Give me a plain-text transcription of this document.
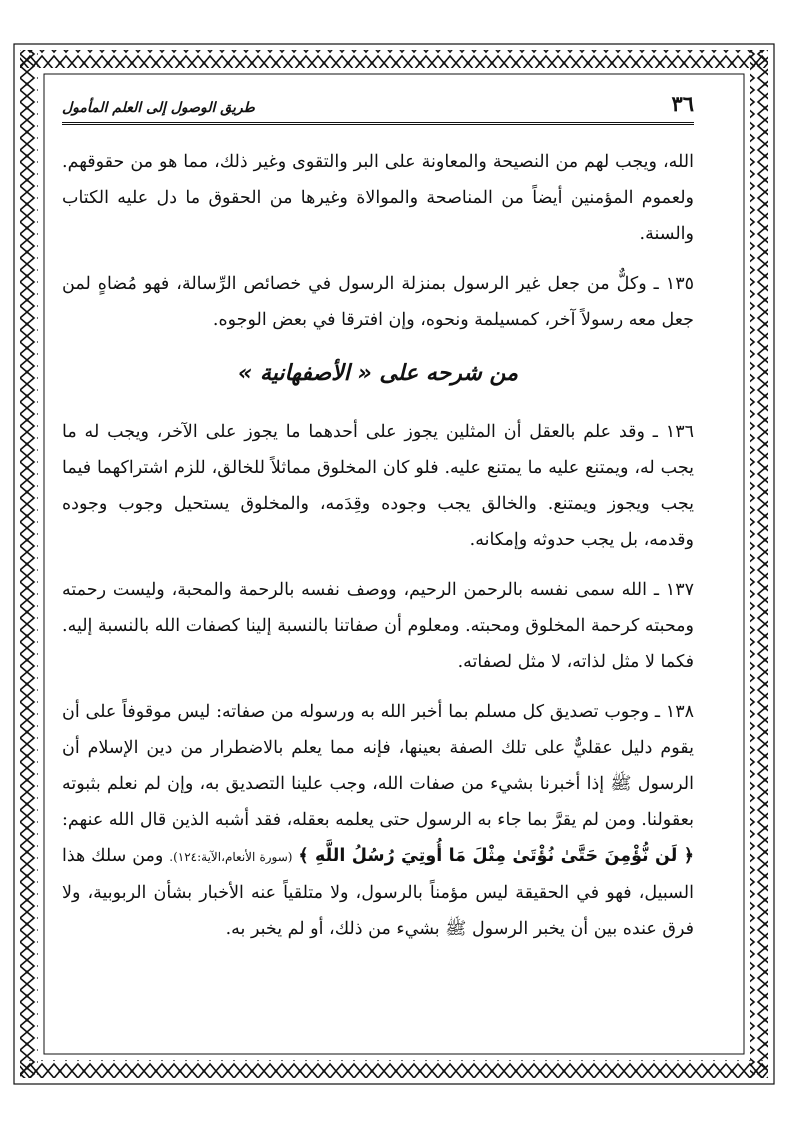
٣٦
طريق الوصول إلى العلم المأمول

الله، ويجب لهم من النصيحة والمعاونة على البر والتقوى وغير ذلك، مما هو من حقوقهم. ولعموم المؤمنين أيضاً من المناصحة والموالاة وغيرها من الحقوق ما دل عليه الكتاب والسنة.

١٣٥ ـ وكلٌّ من جعل غير الرسول بمنزلة الرسول في خصائص الرِّسالة، فهو مُضاهٍ لمن جعل معه رسولاً آخر، كمسيلمة ونحوه، وإن افترقا في بعض الوجوه.

من شرحه على « الأصفهانية »

١٣٦ ـ وقد علم بالعقل أن المثلين يجوز على أحدهما ما يجوز على الآخر، ويجب له ما يجب له، ويمتنع عليه ما يمتنع عليه. فلو كان المخلوق مماثلاً للخالق، للزم اشتراكهما فيما يجب ويجوز ويمتنع. والخالق يجب وجوده وقِدَمه، والمخلوق يستحيل وجوب وجوده وقدمه، بل يجب حدوثه وإمكانه.

١٣٧ ـ الله سمى نفسه بالرحمن الرحيم، ووصف نفسه بالرحمة والمحبة، وليست رحمته ومحبته كرحمة المخلوق ومحبته. ومعلوم أن صفاتنا بالنسبة إلينا كصفات الله بالنسبة إليه. فكما لا مثل لذاته، لا مثل لصفاته.

١٣٨ ـ وجوب تصديق كل مسلم بما أخبر الله به ورسوله من صفاته: ليس موقوفاً على أن يقوم دليل عقليٌّ على تلك الصفة بعينها، فإنه مما يعلم بالاضطرار من دين الإسلام أن الرسول ﷺ إذا أخبرنا بشيء من صفات الله، وجب علينا التصديق به، وإن لم نعلم بثبوته بعقولنا. ومن لم يقرَّ بما جاء به الرسول حتى يعلمه بعقله، فقد أشبه الذين قال الله عنهم: ﴿ لَن نُّؤْمِنَ حَتَّىٰ نُؤْتَىٰ مِثْلَ مَا أُوتِيَ رُسُلُ اللَّهِ ﴾ (سورة الأنعام،الآية:١٢٤). ومن سلك هذا السبيل، فهو في الحقيقة ليس مؤمناً بالرسول، ولا متلقياً عنه الأخبار بشأن الربوبية، ولا فرق عنده بين أن يخبر الرسول ﷺ بشيء من ذلك، أو لم يخبر به.
